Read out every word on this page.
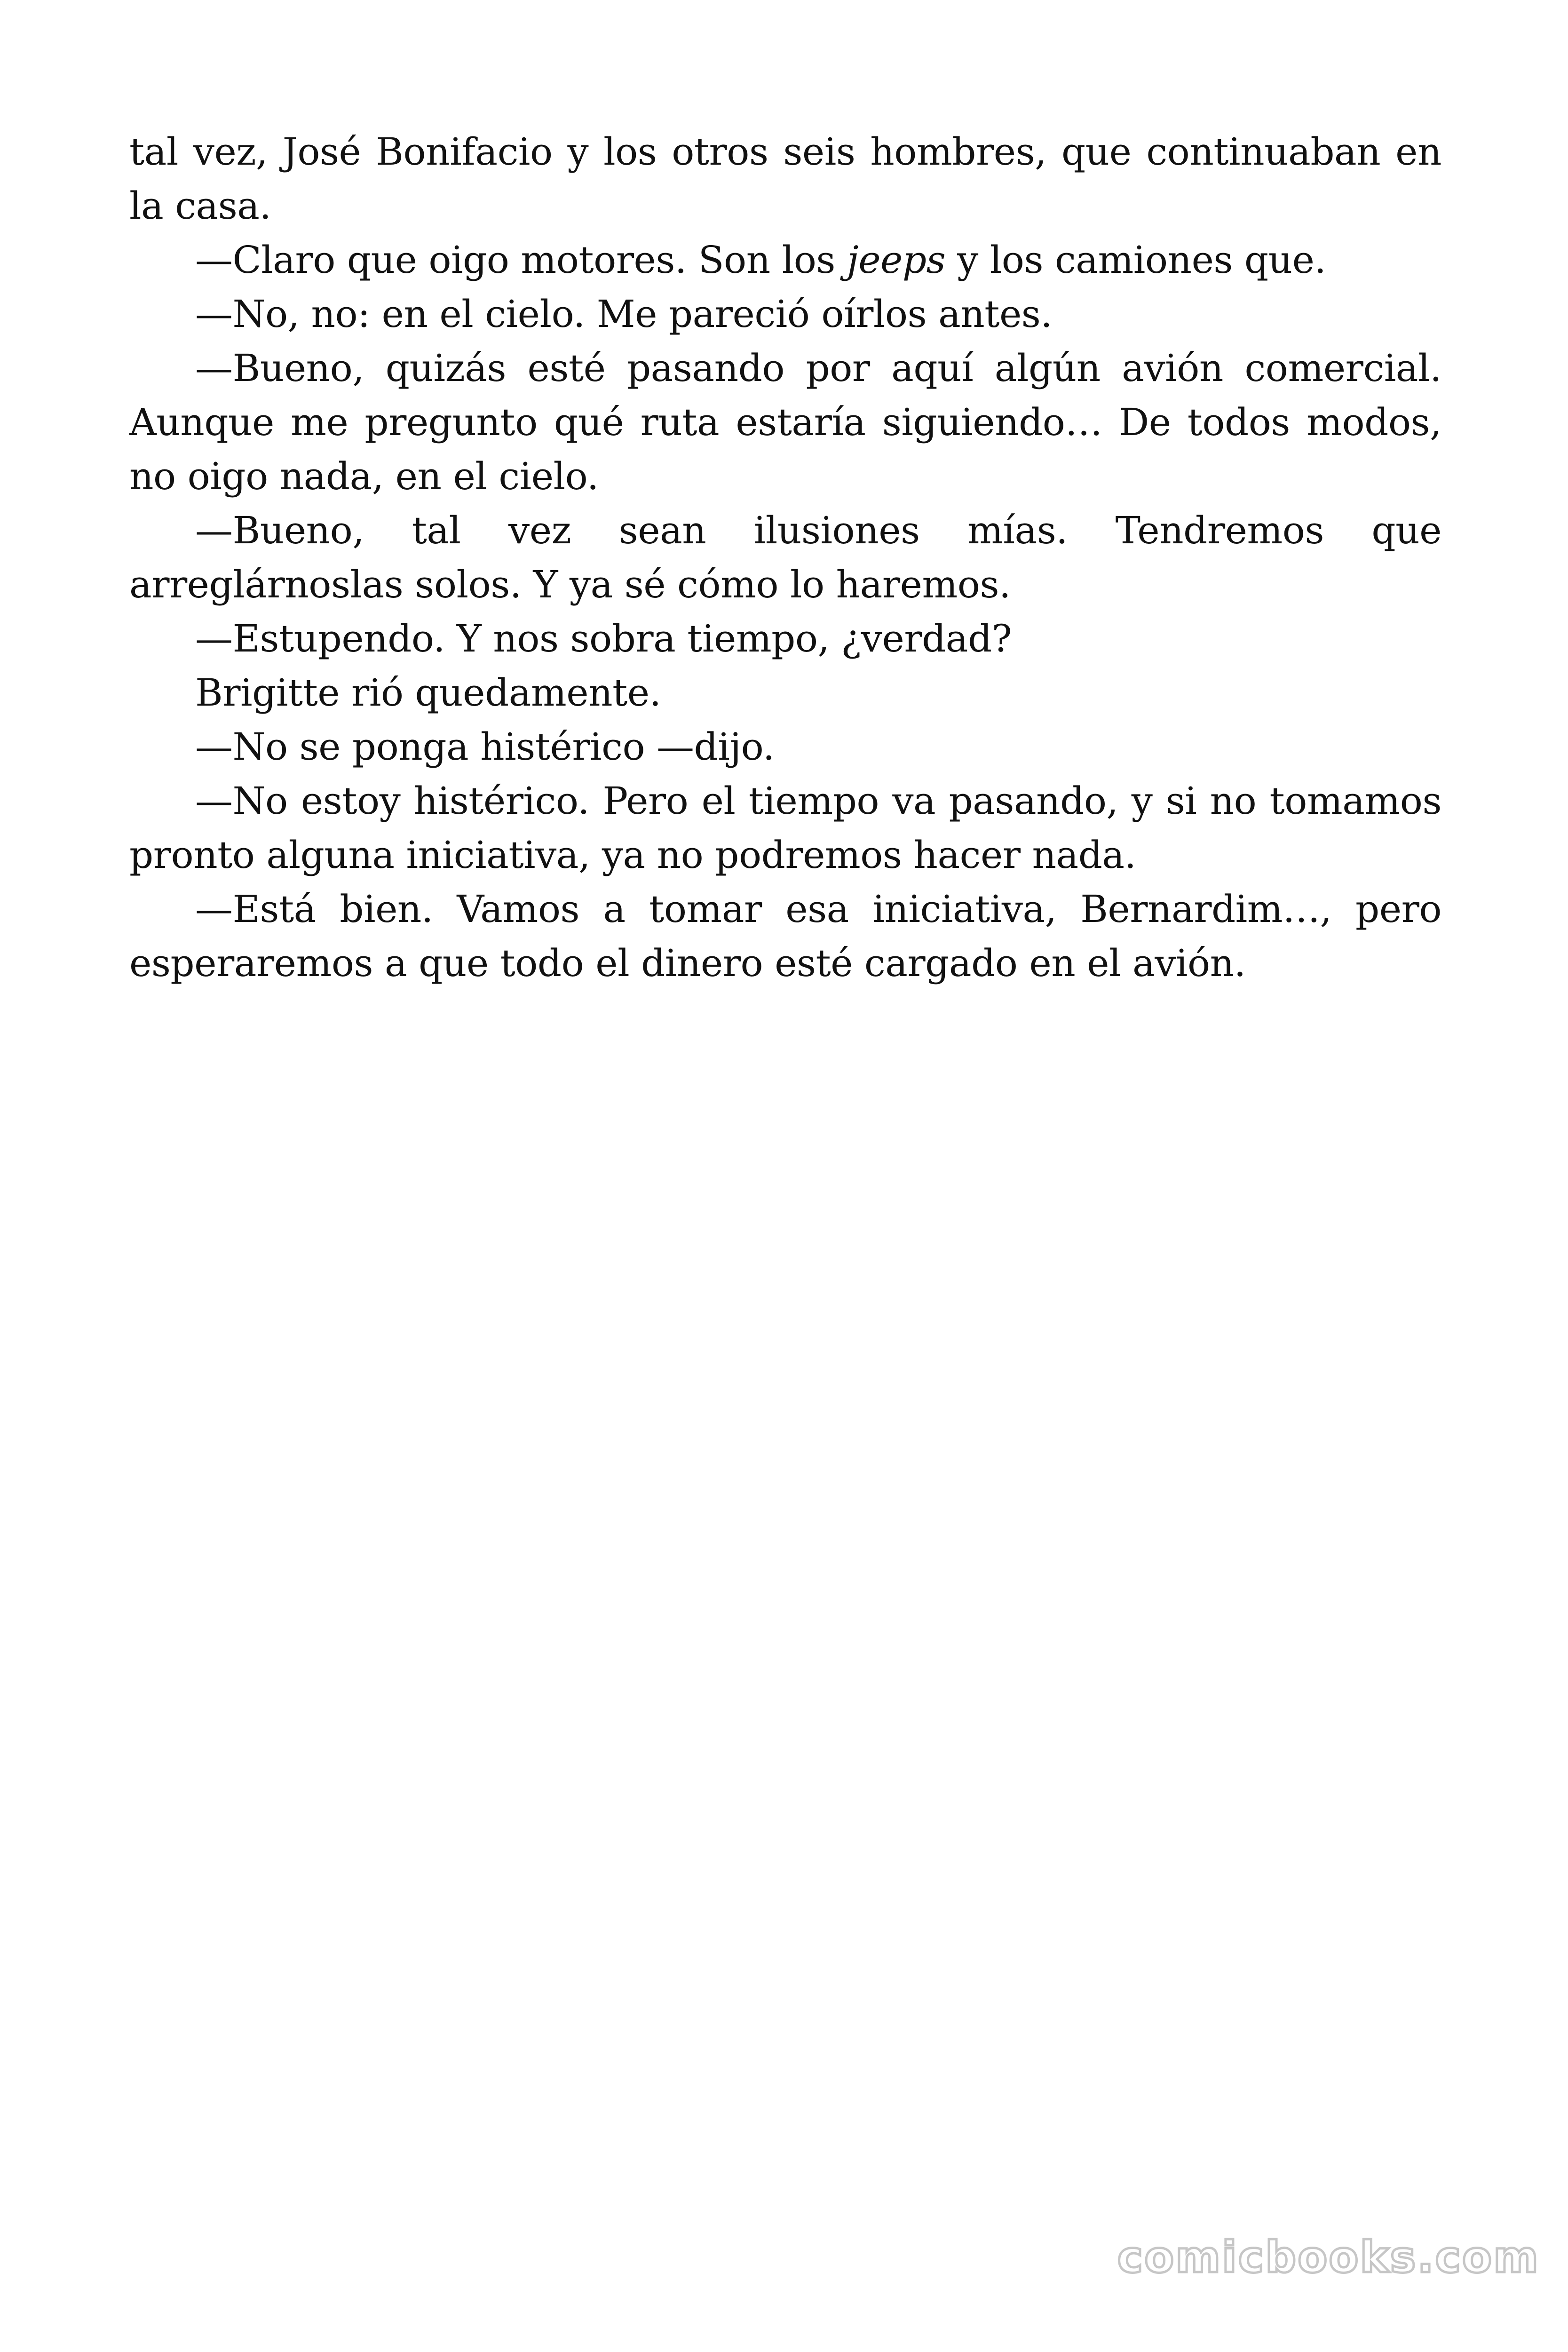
tal vez, José Bonifacio y los otros seis hombres, que continuaban en la casa.

—Claro que oigo motores. Son los jeeps y los camiones que.

—No, no: en el cielo. Me pareció oírlos antes.

—Bueno, quizás esté pasando por aquí algún avión comercial. Aunque me pregunto qué ruta estaría siguiendo… De todos modos, no oigo nada, en el cielo.

—Bueno, tal vez sean ilusiones mías. Tendremos que arreglárnoslas solos. Y ya sé cómo lo haremos.

—Estupendo. Y nos sobra tiempo, ¿verdad?

Brigitte rió quedamente.

—No se ponga histérico —dijo.

—No estoy histérico. Pero el tiempo va pasando, y si no tomamos pronto alguna iniciativa, ya no podremos hacer nada.

—Está bien. Vamos a tomar esa iniciativa, Bernardim…, pero esperaremos a que todo el dinero esté cargado en el avión.

comicbooks.com
